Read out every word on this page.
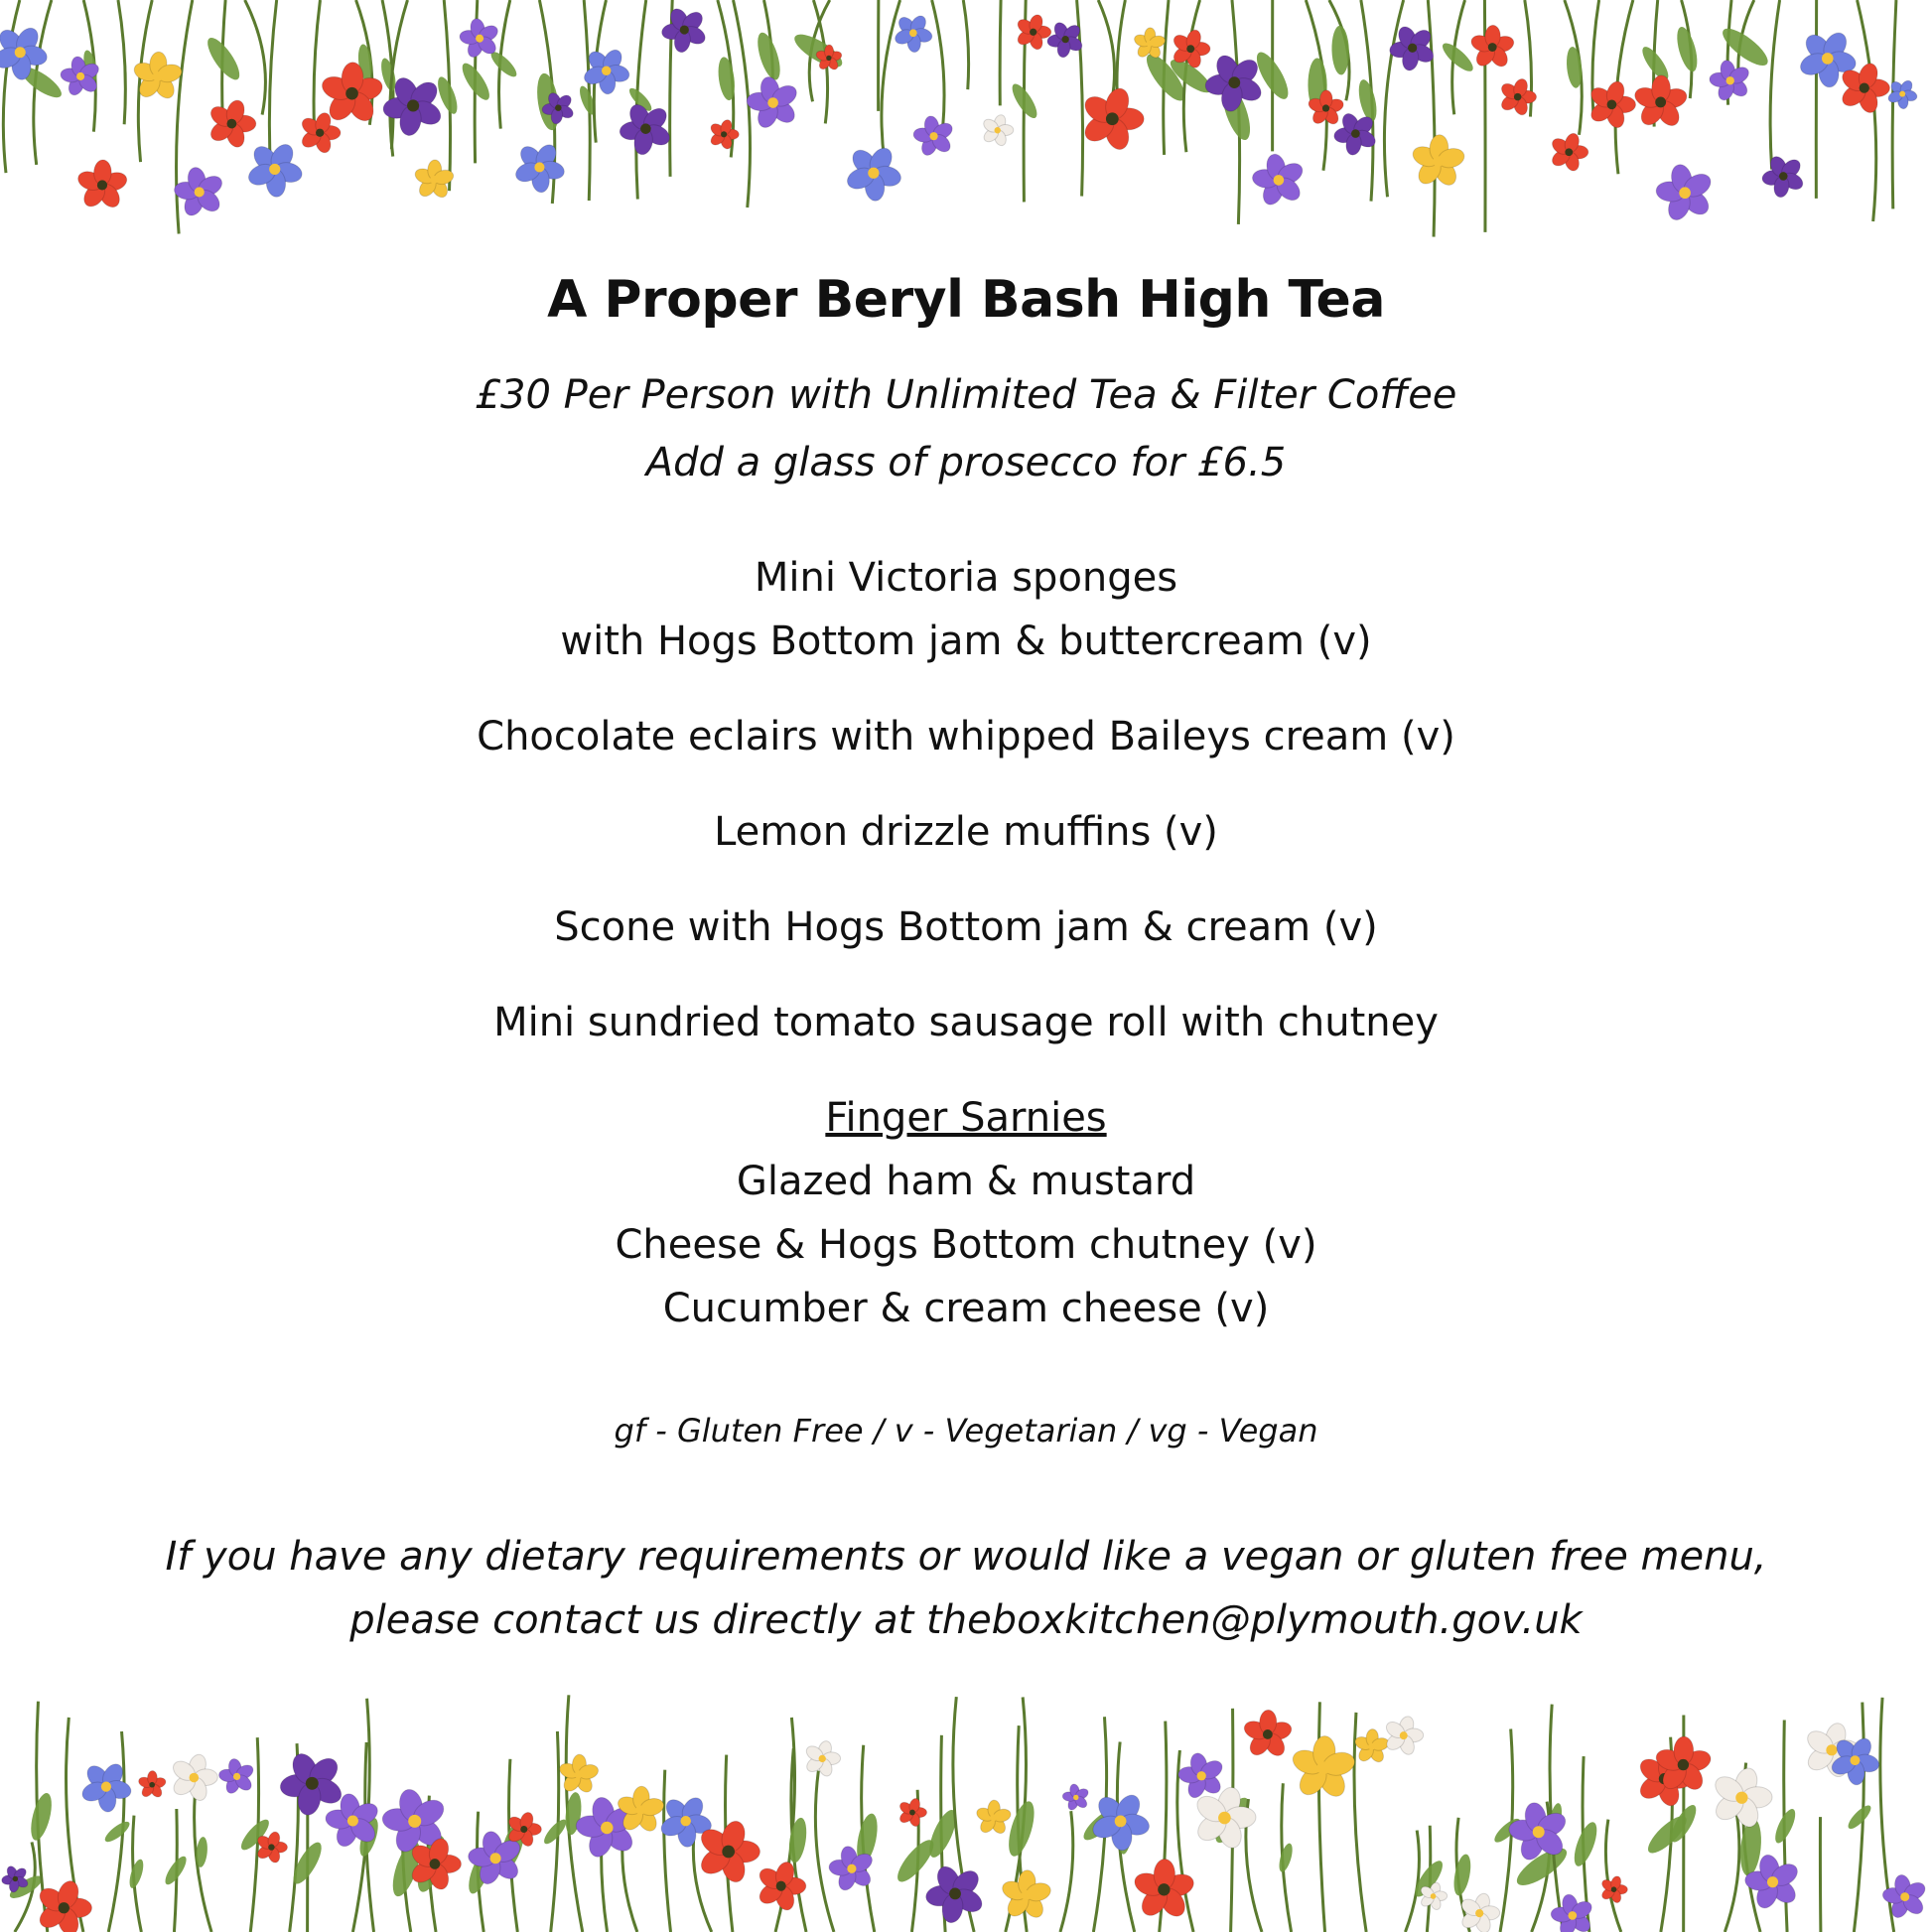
A Proper Beryl Bash High Tea
£30 Per Person with Unlimited Tea & Filter Coffee
Add a glass of prosecco for £6.5
Mini Victoria sponges
with Hogs Bottom jam & buttercream (v)
Chocolate eclairs with whipped Baileys cream (v)
Lemon drizzle muffins (v)
Scone with Hogs Bottom jam & cream (v)
Mini sundried tomato sausage roll with chutney
Finger Sarnies
Glazed ham & mustard
Cheese & Hogs Bottom chutney (v)
Cucumber & cream cheese (v)
gf - Gluten Free / v - Vegetarian / vg - Vegan
If you have any dietary requirements or would like a vegan or gluten free menu,
please contact us directly at theboxkitchen@plymouth.gov.uk
